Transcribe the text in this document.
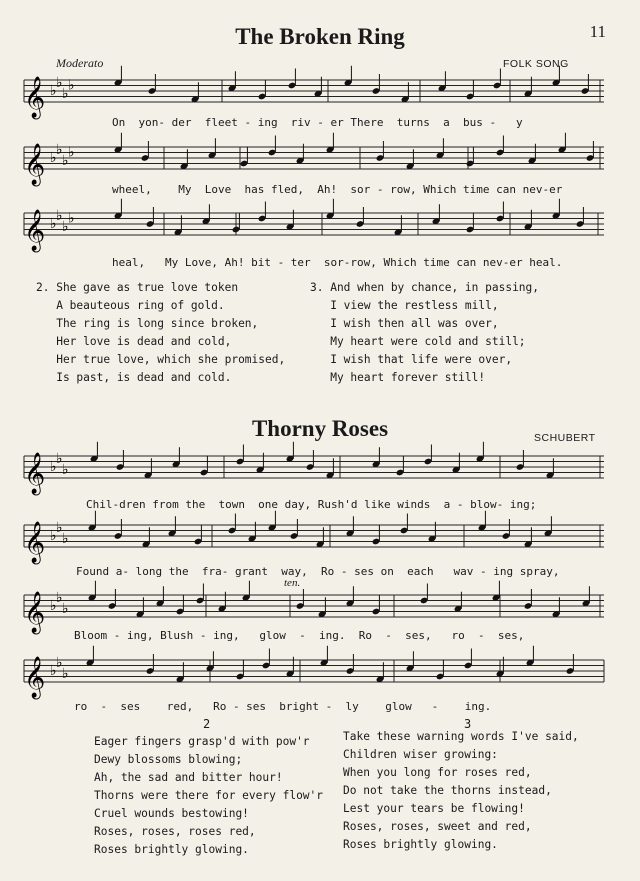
11
The Broken Ring
Moderato	FOLK SONG
𝄞 ♭
♭
♭
♭
On  yon- der  fleet - ing  riv - er There  turns  a  bus -   y
𝄞 ♭
♭
♭
♭
wheel,    My  Love  has fled,  Ah!  sor - row, Which time can nev-er
𝄞 ♭
♭
♭
♭
heal,   My Love, Ah! bit - ter  sor-row, Which time can nev-er heal.
2. She gave as true love token
A beauteous ring of gold.
The ring is long since broken,
Her love is dead and cold,
Her true love, which she promised,
Is past, is dead and cold.
3. And when by chance, in passing,
I view the restless mill,
I wish then all was over,
My heart were cold and still;
I wish that life were over,
My heart forever still!
Thorny Roses	SCHUBERT
𝄞 ♭
♭
♭
Chil-dren from the  town  one day, Rush'd like winds  a - blow- ing;
𝄞 ♭
♭
♭
Found a- long the  fra- grant  way,  Ro - ses on  each   wav - ing spray,
ten.
𝄞 ♭
♭
♭
Bloom - ing, Blush - ing,   glow  -  ing.  Ro  -  ses,   ro  -  ses,
𝄞 ♭
♭
♭
ro  -  ses    red,   Ro - ses  bright -  ly    glow   -    ing.
2	3
Eager fingers grasp'd with pow'r
Dewy blossoms blowing;
Ah, the sad and bitter hour!
Thorns were there for every flow'r
Cruel wounds bestowing!
Roses, roses, roses red,
Roses brightly glowing.
Take these warning words I've said,
Children wiser growing:
When you long for roses red,
Do not take the thorns instead,
Lest your tears be flowing!
Roses, roses, sweet and red,
Roses brightly glowing.
